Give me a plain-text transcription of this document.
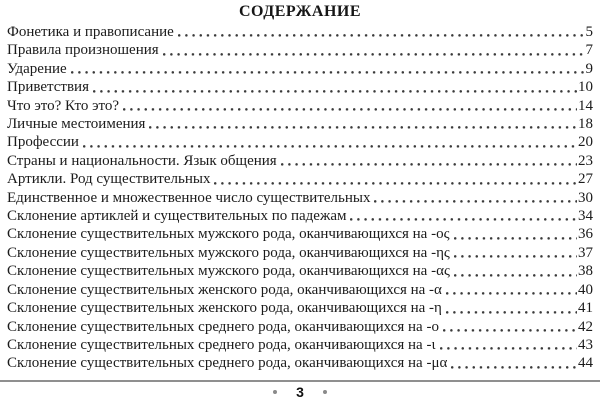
СОДЕРЖАНИЕ
Фонетика и правописание	5
Правила произношения	7
Ударение	9
Приветствия	10
Что это? Кто это?	14
Личные местоимения	18
Профессии	20
Страны и национальности. Язык общения	23
Артикли. Род существительных	27
Единственное и множественное число существительных	30
Склонение артиклей и существительных по падежам	34
Склонение существительных мужского рода, оканчивающихся на -ος	36
Склонение существительных мужского рода, оканчивающихся на -ης	37
Склонение существительных мужского рода, оканчивающихся на -ας	38
Склонение существительных женского рода, оканчивающихся на -α	40
Склонение существительных женского рода, оканчивающихся на -η	41
Склонение существительных среднего рода, оканчивающихся на -ο	42
Склонение существительных среднего рода, оканчивающихся на -ι	43
Склонение существительных среднего рода, оканчивающихся на -μα	44
3
